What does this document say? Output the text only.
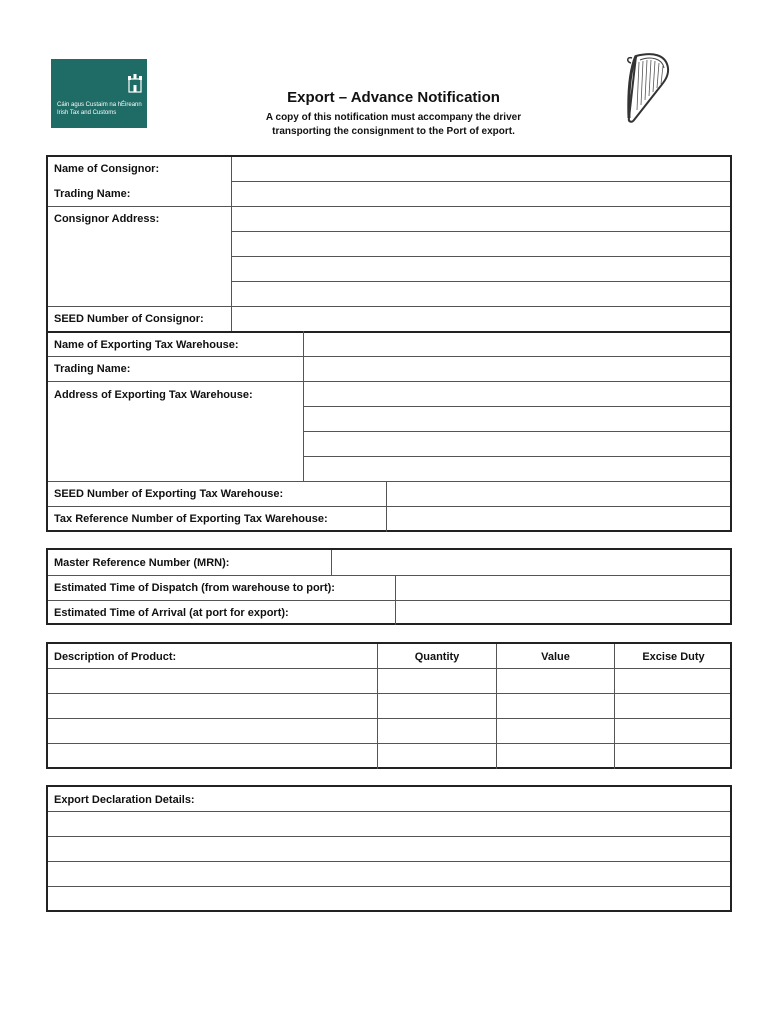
Cáin agus Custaim na hÉireann
Irish Tax and Customs
Export – Advance Notification
A copy of this notification must accompany the driver
transporting the consignment to the Port of export.
Name of Consignor:
Trading Name:
Consignor Address:
SEED Number of Consignor:
Name of Exporting Tax Warehouse:
Trading Name:
Address of Exporting Tax Warehouse:
SEED Number of Exporting Tax Warehouse:
Tax Reference Number of Exporting Tax Warehouse:
Master Reference Number (MRN):
Estimated Time of Dispatch (from warehouse to port):
Estimated Time of Arrival (at port for export):
Description of Product:	Quantity	Value	Excise Duty
Export Declaration Details:
